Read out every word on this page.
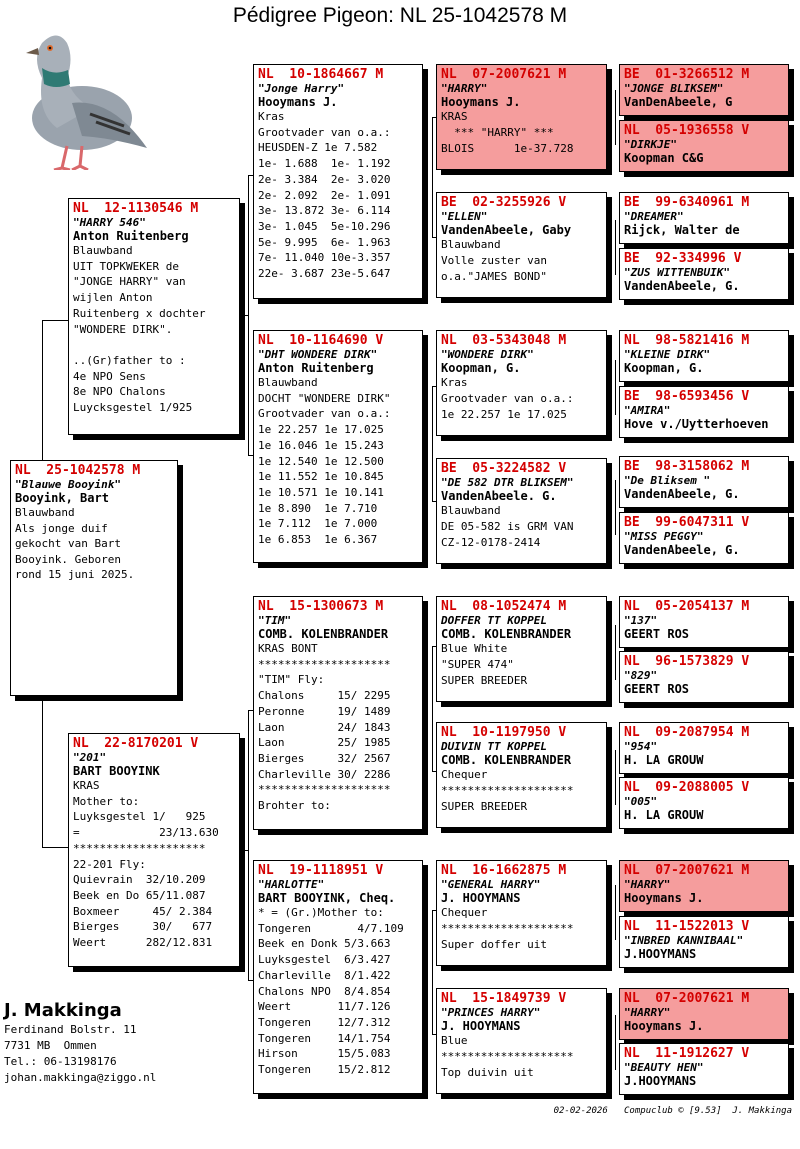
Pédigree Pigeon: NL 25-1042578 M
NL  25-1042578 M
"Blauwe Booyink"
Booyink, Bart
Blauwband
Als jonge duif
gekocht van Bart
Booyink. Geboren
rond 15 juni 2025.
NL  12-1130546 M
"HARRY 546"
Anton Ruitenberg
Blauwband
UIT TOPKWEKER de
"JONGE HARRY" van
wijlen Anton
Ruitenberg x dochter
"WONDERE DIRK".

..(Gr)father to :
4e NPO Sens
8e NPO Chalons
Luycksgestel 1/925
NL  22-8170201 V
"201"
BART BOOYINK
KRAS
Mother to:
Luyksgestel 1/   925
=            23/13.630
********************
22-201 Fly:
Quievrain  32/10.209
Beek en Do 65/11.087
Boxmeer     45/ 2.384
Bierges     30/   677
Weert      282/12.831
NL  10-1864667 M
"Jonge Harry"
Hooymans J.
Kras
Grootvader van o.a.:
HEUSDEN-Z 1e 7.582
1e- 1.688  1e- 1.192
2e- 3.384  2e- 3.020
2e- 2.092  2e- 1.091
3e- 13.872 3e- 6.114
3e- 1.045  5e-10.296
5e- 9.995  6e- 1.963
7e- 11.040 10e-3.357
22e- 3.687 23e-5.647
NL  10-1164690 V
"DHT WONDERE DIRK"
Anton Ruitenberg
Blauwband
DOCHT "WONDERE DIRK"
Grootvader van o.a.:
1e 22.257 1e 17.025
1e 16.046 1e 15.243
1e 12.540 1e 12.500
1e 11.552 1e 10.845
1e 10.571 1e 10.141
1e 8.890  1e 7.710
1e 7.112  1e 7.000
1e 6.853  1e 6.367
NL  15-1300673 M
"TIM"
COMB. KOLENBRANDER
KRAS BONT
********************
"TIM" Fly:
Chalons     15/ 2295
Peronne     19/ 1489
Laon        24/ 1843
Laon        25/ 1985
Bierges     32/ 2567
Charleville 30/ 2286
********************
Brohter to:
NL  19-1118951 V
"HARLOTTE"
BART BOOYINK, Cheq.
* = (Gr.)Mother to:
Tongeren       4/7.109
Beek en Donk 5/3.663
Luyksgestel  6/3.427
Charleville  8/1.422
Chalons NPO  8/4.854
Weert       11/7.126
Tongeren    12/7.312
Tongeren    14/1.754
Hirson      15/5.083
Tongeren    15/2.812
NL  07-2007621 M
"HARRY"
Hooymans J.
KRAS
*** "HARRY" ***
BLOIS      1e-37.728
BE  02-3255926 V
"ELLEN"
VandenAbeele, Gaby
Blauwband
Volle zuster van
o.a."JAMES BOND"
NL  03-5343048 M
"WONDERE DIRK"
Koopman, G.
Kras
Grootvader van o.a.:
1e 22.257 1e 17.025
BE  05-3224582 V
"DE 582 DTR BLIKSEM"
VandenAbeele. G.
Blauwband
DE 05-582 is GRM VAN
CZ-12-0178-2414
NL  08-1052474 M
DOFFER TT KOPPEL
COMB. KOLENBRANDER
Blue White
"SUPER 474"
SUPER BREEDER
NL  10-1197950 V
DUIVIN TT KOPPEL
COMB. KOLENBRANDER
Chequer
********************
SUPER BREEDER
NL  16-1662875 M
"GENERAL HARRY"
J. HOOYMANS
Chequer
********************
Super doffer uit
NL  15-1849739 V
"PRINCES HARRY"
J. HOOYMANS
Blue
********************
Top duivin uit
BE  01-3266512 M
"JONGE BLIKSEM"
VanDenAbeele, G
NL  05-1936558 V
"DIRKJE"
Koopman C&G
BE  99-6340961 M
"DREAMER"
Rijck, Walter de
BE  92-334996 V
"ZUS WITTENBUIK"
VandenAbeele, G.
NL  98-5821416 M
"KLEINE DIRK"
Koopman, G.
BE  98-6593456 V
"AMIRA"
Hove v./Uytterhoeven
BE  98-3158062 M
"De Bliksem "
VandenAbeele, G.
BE  99-6047311 V
"MISS PEGGY"
VandenAbeele, G.
NL  05-2054137 M
"137"
GEERT ROS
NL  96-1573829 V
"829"
GEERT ROS
NL  09-2087954 M
"954"
H. LA GROUW
NL  09-2088005 V
"005"
H. LA GROUW
NL  07-2007621 M
"HARRY"
Hooymans J.
NL  11-1522013 V
"INBRED KANNIBAAL"
J.HOOYMANS
NL  07-2007621 M
"HARRY"
Hooymans J.
NL  11-1912627 V
"BEAUTY HEN"
J.HOOYMANS
J. Makkinga
Ferdinand Bolstr. 11
7731 MB  Ommen
Tel.: 06-13198176
johan.makkinga@ziggo.nl
02-02-2026   Compuclub © [9.53]  J. Makkinga
